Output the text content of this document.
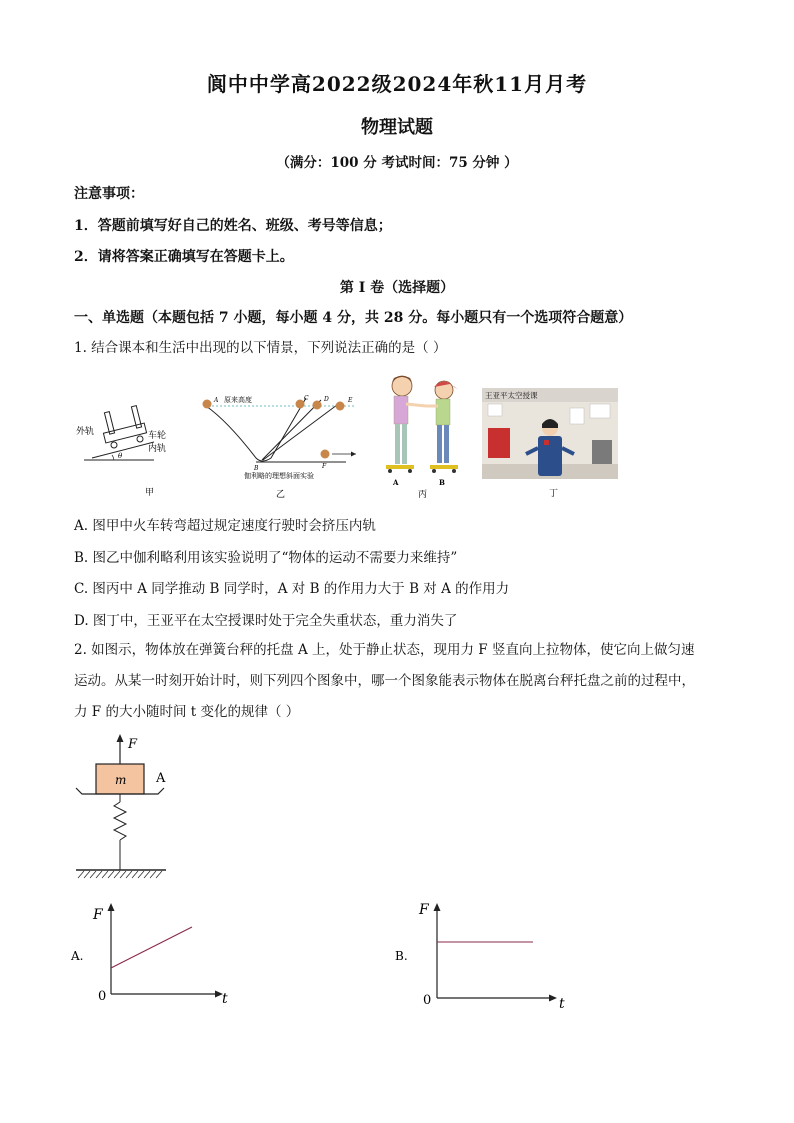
阆中中学高2022级2024年秋11月月考
物理试题
（满分：100 分 考试时间：75 分钟 ）
注意事项：
1．答题前填写好自己的姓名、班级、考号等信息；
2．请将答案正确填写在答题卡上。
第 I 卷（选择题）
一、单选题（本题包括 7 小题，每小题 4 分，共 28 分。每小题只有一个选项符合题意）
1. 结合课本和生活中出现的以下情景，下列说法正确的是（ ）
外轨	车轮
内轨
θ
甲
A 原来高度
B
C	D	E
F
伽利略的理想斜面实验
乙
A	B
丙
王亚平太空授课
丁
A. 图甲中火车转弯超过规定速度行驶时会挤压内轨
B. 图乙中伽利略利用该实验说明了“物体的运动不需要力来维持”
C. 图丙中 A 同学推动 B 同学时，A 对 B 的作用力大于 B 对 A 的作用力
D. 图丁中，王亚平在太空授课时处于完全失重状态，重力消失了
2. 如图示，物体放在弹簧台秤的托盘 A 上，处于静止状态，现用力 F 竖直向上拉物体，使它向上做匀速
运动。从某一时刻开始计时，则下列四个图象中，哪一个图象能表示物体在脱离台秤托盘之前的过程中，
力 F 的大小随时间 t 变化的规律（ ）
F
m A
F
t
0
A.
F
t
0
B.
